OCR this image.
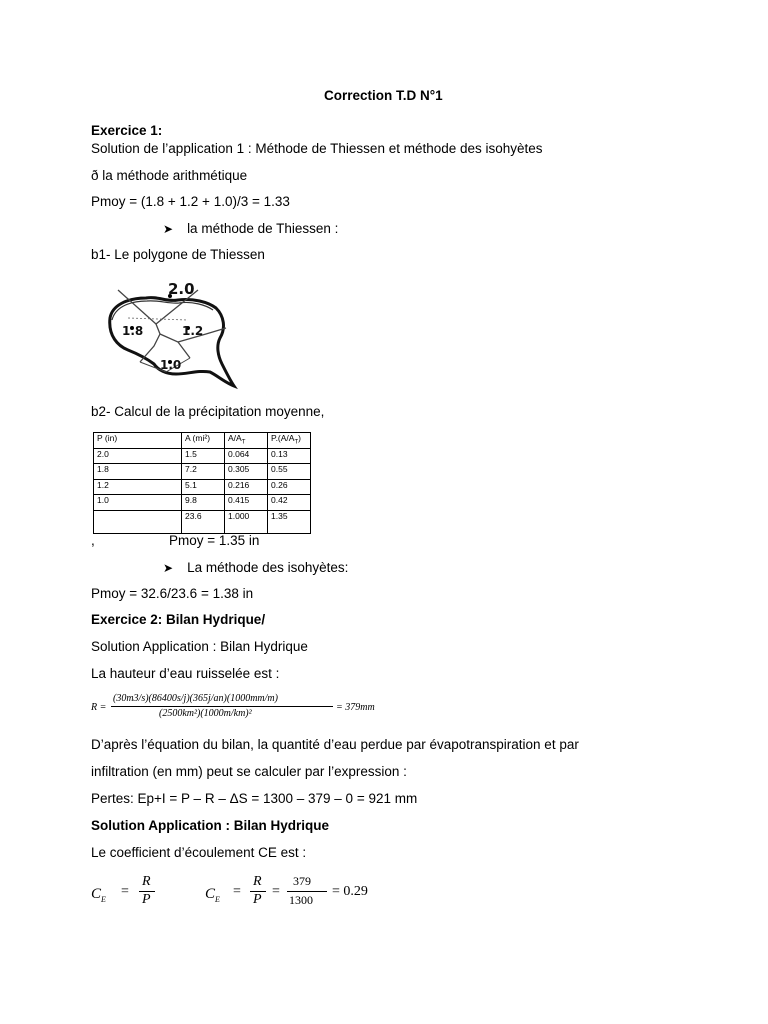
Correction T.D N°1
Exercice 1:
Solution de l’application 1 : Méthode de Thiessen et méthode des isohyètes
ð la méthode arithmétique
Pmoy = (1.8 + 1.2 + 1.0)/3 = 1.33
➤ la méthode de Thiessen :
b1- Le polygone de Thiessen
2.0
1.8	1.2
1.0
b2- Calcul de la précipitation moyenne,
P (in)	A (mi²)	$A/A_T$	$P.(A/A_T)$
2.0	1.5	0.064	0.13
1.8	7.2	0.305	0.55
1.2	5.1	0.216	0.26
1.0	9.8	0.415	0.42
	23.6	1.000	1.35
,	Pmoy = 1.35 in
➤ La méthode des isohyètes:
Pmoy = 32.6/23.6 = 1.38 in
Exercice 2: Bilan Hydrique/
Solution Application : Bilan Hydrique
La hauteur d’eau ruisselée est :
R =
(30m3/s)(86400s/j)(365j/an)(1000mm/m)
(2500km²)(1000m/km)²
= 379mm
D’après l’équation du bilan, la quantité d’eau perdue par évapotranspiration et par
infiltration (en mm) peut se calculer par l’expression :
Pertes: Ep+I = P – R – ΔS = 1300 – 379 – 0 = 921 mm
Solution Application : Bilan Hydrique
Le coefficient d’écoulement CE est :
$C_E$
=
R
P	$C_E$
=
R
P
=
379
1300
= 0.29
